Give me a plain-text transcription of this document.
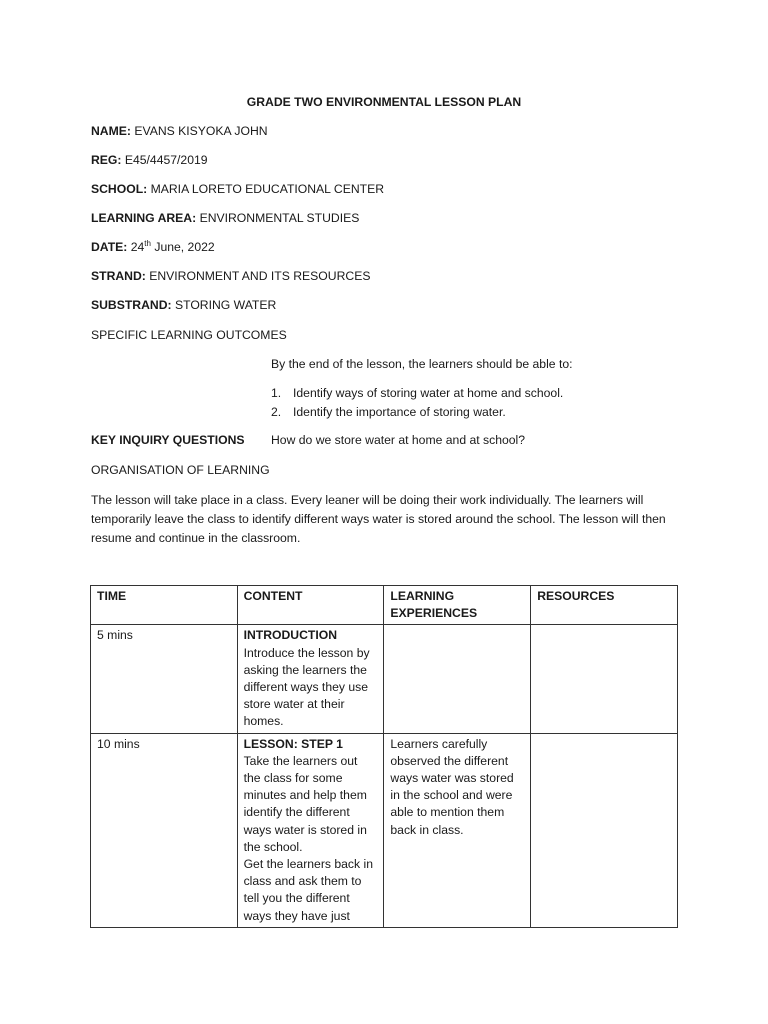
GRADE TWO ENVIRONMENTAL LESSON PLAN
NAME: EVANS KISYOKA JOHN
REG: E45/4457/2019
SCHOOL: MARIA LORETO EDUCATIONAL CENTER
LEARNING AREA: ENVIRONMENTAL STUDIES
DATE: 24th June, 2022
STRAND: ENVIRONMENT AND ITS RESOURCES
SUBSTRAND: STORING WATER
SPECIFIC LEARNING OUTCOMES
By the end of the lesson, the learners should be able to:
1. Identify ways of storing water at home and school.
2. Identify the importance of storing water.
KEY INQUIRY QUESTIONS How do we store water at home and at school?
ORGANISATION OF LEARNING
The lesson will take place in a class. Every leaner will be doing their work individually. The learners will temporarily leave the class to identify different ways water is stored around the school. The lesson will then resume and continue in the classroom.
TIME	CONTENT	LEARNING EXPERIENCES	RESOURCES
5 mins	INTRODUCTION
Introduce the lesson by asking the learners the different ways they use store water at their homes.		
10 mins	LESSON: STEP 1
Take the learners out the class for some minutes and help them identify the different ways water is stored in the school.
Get the learners back in class and ask them to tell you the different ways they have just	Learners carefully observed the different ways water was stored in the school and were able to mention them back in class.	
